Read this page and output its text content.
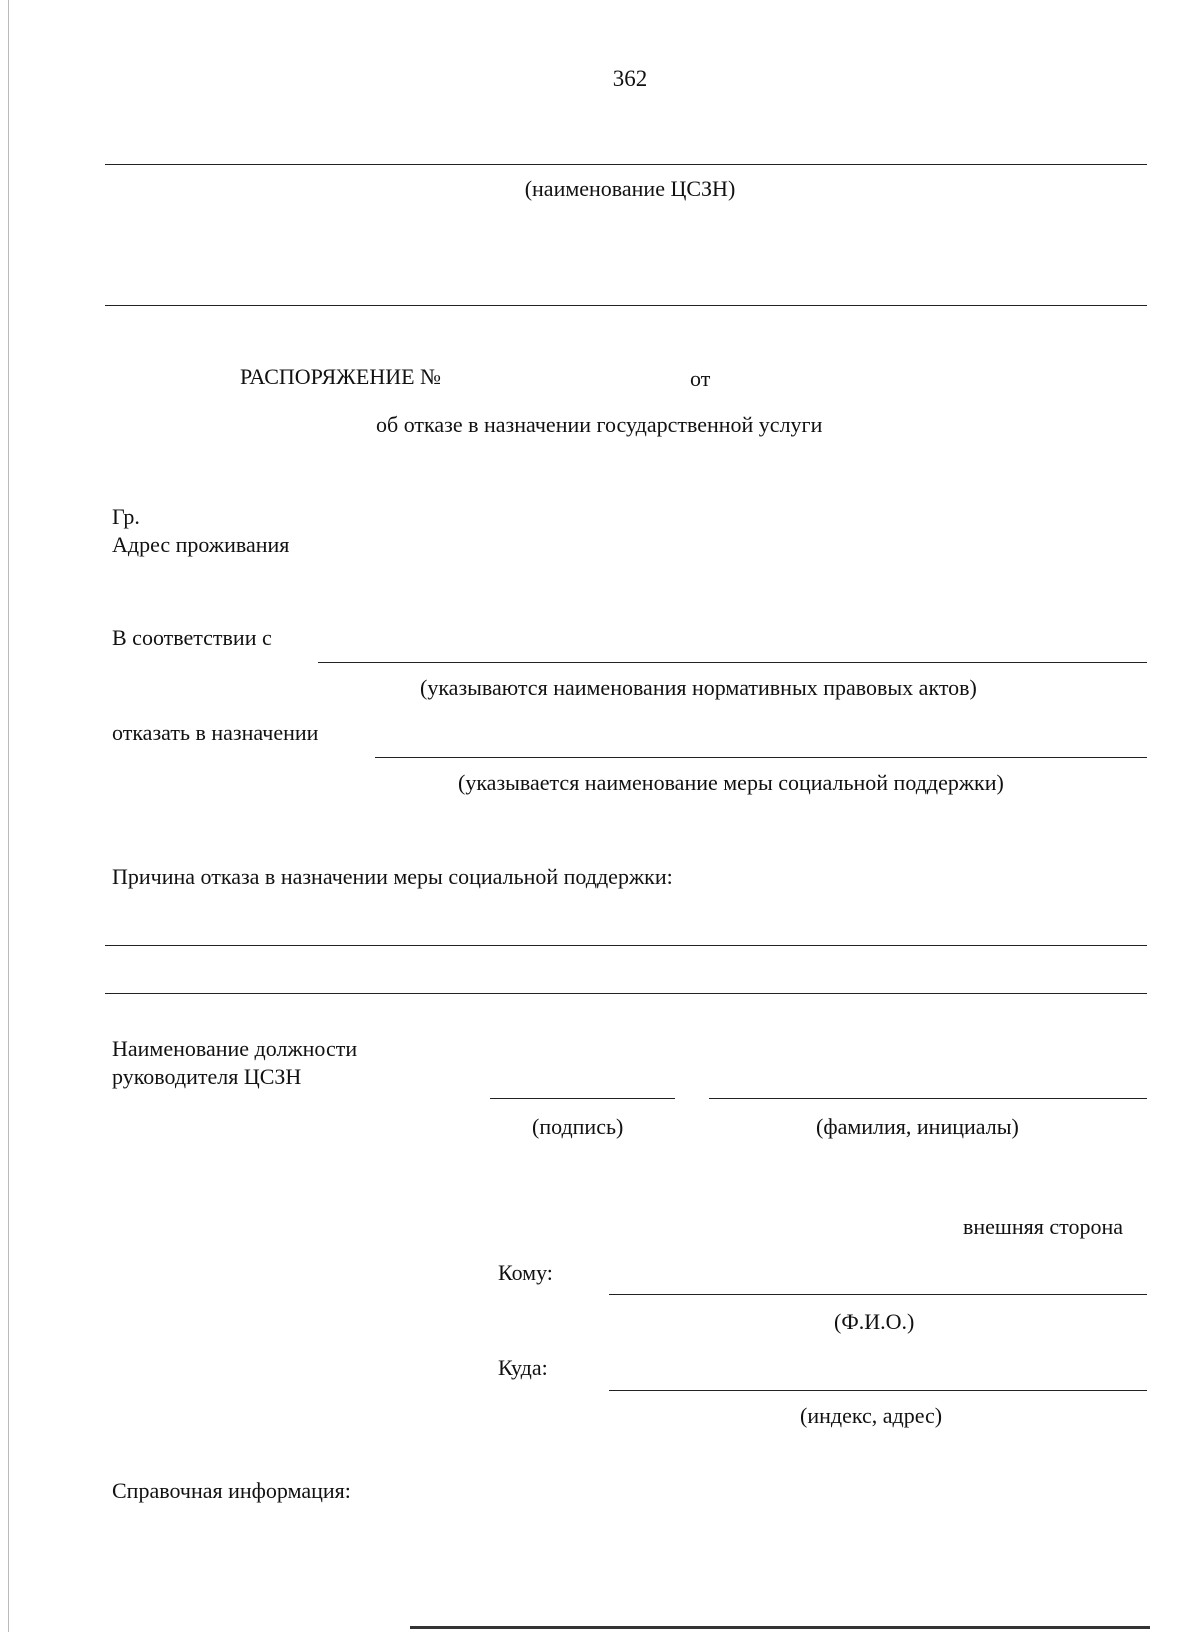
362
(наименование ЦСЗН)
РАСПОРЯЖЕНИЕ №	от
об отказе в назначении государственной услуги
Гр.
Адрес проживания
В соответствии с
(указываются наименования нормативных правовых актов)
отказать в назначении
(указывается наименование меры социальной поддержки)
Причина отказа в назначении меры социальной поддержки:
Наименование должности
руководителя ЦСЗН
(подпись)	(фамилия, инициалы)
внешняя сторона
Кому:
(Ф.И.О.)
Куда:
(индекс, адрес)
Справочная информация:
